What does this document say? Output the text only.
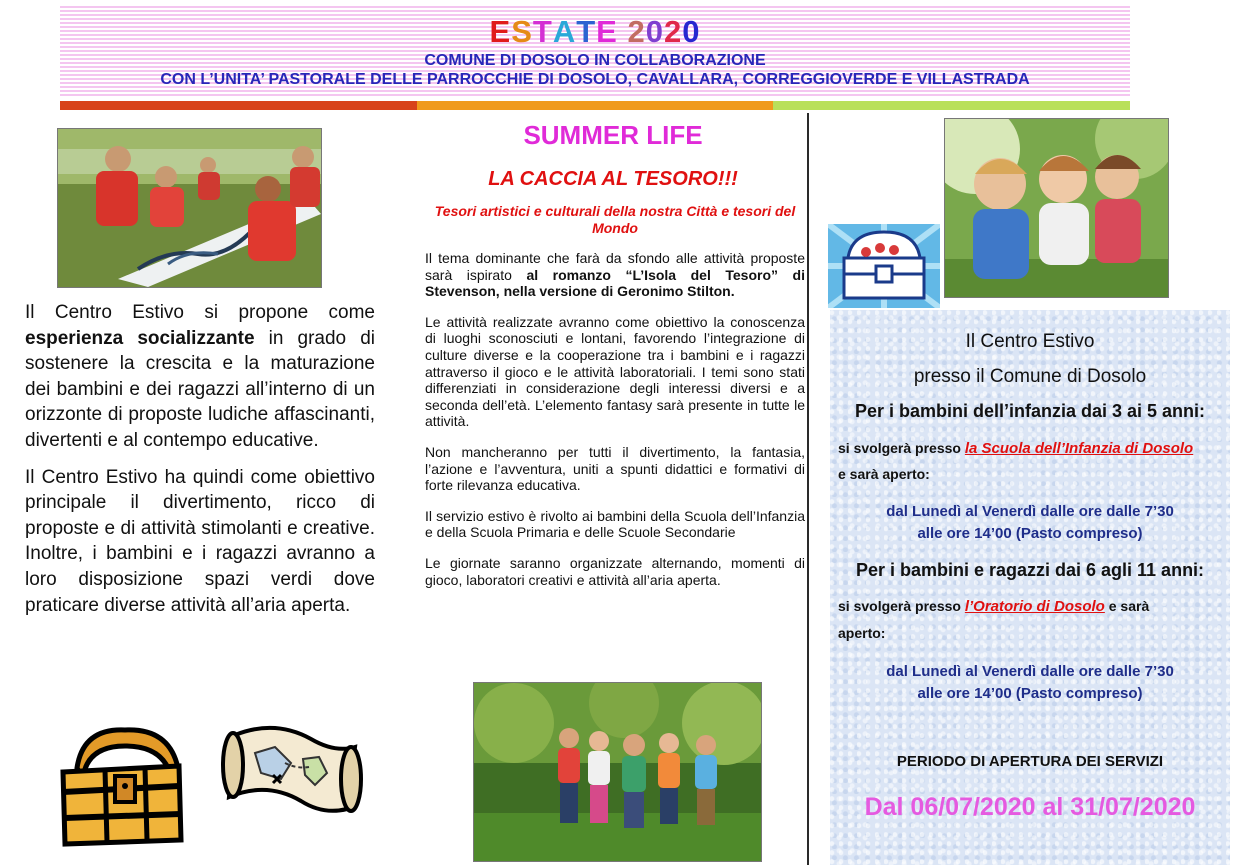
ESTATE 2020
COMUNE DI DOSOLO IN COLLABORAZIONE
CON L’UNITA’ PASTORALE DELLE PARROCCHIE DI DOSOLO, CAVALLARA, CORREGGIOVERDE E VILLASTRADA

Il Centro Estivo si propone come esperienza socializzante in grado di sostenere la crescita e la maturazione dei bambini e dei ragazzi all’interno di un orizzonte di proposte ludiche affascinanti, divertenti e al contempo educative.

Il Centro Estivo ha quindi come obiettivo principale il divertimento, ricco di proposte e di attività stimolanti e creative. Inoltre, i bambini e i ragazzi avranno a loro disposizione spazi verdi dove praticare diverse attività all’aria aperta.

SUMMER LIFE
LA CACCIA AL TESORO!!!
Tesori artistici e culturali della nostra Città e tesori del Mondo

Il tema dominante che farà da sfondo alle attività proposte sarà ispirato al romanzo “L’Isola del Tesoro” di Stevenson, nella versione di Geronimo Stilton.

Le attività realizzate avranno come obiettivo la conoscenza di luoghi sconosciuti e lontani, favorendo l’integrazione di culture diverse e la cooperazione tra i bambini e i ragazzi attraverso il gioco e le attività laboratoriali. I temi sono stati differenziati in considerazione degli interessi diversi e a seconda dell’età. L’elemento fantasy sarà presente in tutte le attività.

Non mancheranno per tutti il divertimento, la fantasia, l’azione e l’avventura, uniti a spunti didattici e formativi di forte rilevanza educativa.

Il servizio estivo è rivolto ai bambini della Scuola dell’Infanzia e della Scuola Primaria e delle Scuole Secondarie

Le giornate saranno organizzate alternando, momenti di gioco, laboratori creativi e attività all’aria aperta.

Il Centro Estivo
presso il Comune di Dosolo
Per i bambini dell’infanzia dai 3 ai 5 anni:
si svolgerà presso la Scuola dell’Infanzia di Dosolo
e sarà aperto:
dal Lunedì al Venerdì dalle ore dalle 7’30
alle ore 14’00 (Pasto compreso)
Per i bambini e ragazzi dai 6 agli 11 anni:
si svolgerà presso l’Oratorio di Dosolo e sarà
aperto:
dal Lunedì al Venerdì dalle ore dalle 7’30
alle ore 14’00 (Pasto compreso)
PERIODO DI APERTURA DEI SERVIZI
Dal 06/07/2020 al 31/07/2020
